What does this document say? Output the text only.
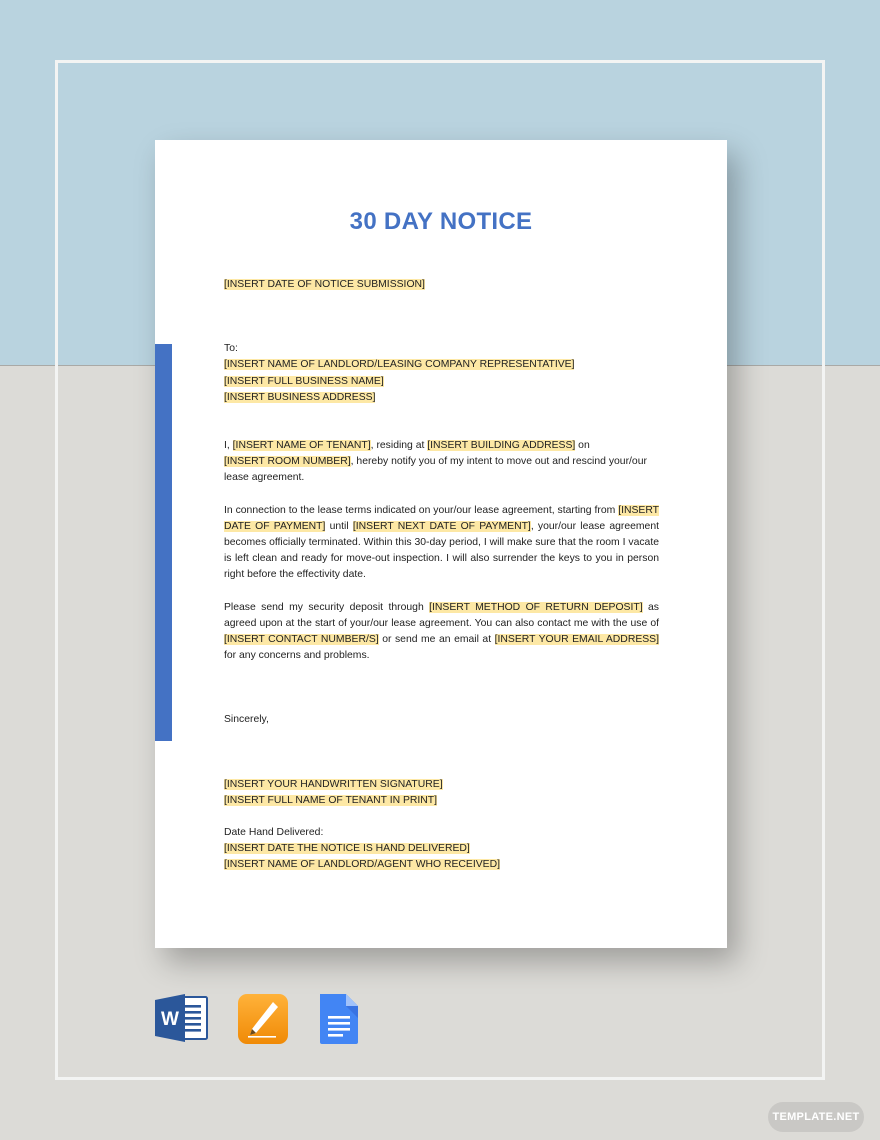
30 DAY NOTICE
[INSERT DATE OF NOTICE SUBMISSION]
To:
[INSERT NAME OF LANDLORD/LEASING COMPANY REPRESENTATIVE]
[INSERT FULL BUSINESS NAME]
[INSERT BUSINESS ADDRESS]

I, [INSERT NAME OF TENANT], residing at [INSERT BUILDING ADDRESS] on
[INSERT ROOM NUMBER], hereby notify you of my intent to move out and rescind your/our lease agreement.

In connection to the lease terms indicated on your/our lease agreement, starting from [INSERT DATE OF PAYMENT] until [INSERT NEXT DATE OF PAYMENT], your/our lease agreement becomes officially terminated. Within this 30-day period, I will make sure that the room I vacate is left clean and ready for move-out inspection. I will also surrender the keys to you in person right before the effectivity date.

Please send my security deposit through [INSERT METHOD OF RETURN DEPOSIT] as agreed upon at the start of your/our lease agreement. You can also contact me with the use of [INSERT CONTACT NUMBER/S] or send me an email at [INSERT YOUR EMAIL ADDRESS] for any concerns and problems.

Sincerely,
[INSERT YOUR HANDWRITTEN SIGNATURE]
[INSERT FULL NAME OF TENANT IN PRINT]
Date Hand Delivered:
[INSERT DATE THE NOTICE IS HAND DELIVERED]
[INSERT NAME OF LANDLORD/AGENT WHO RECEIVED]
W
TEMPLATE.NET
